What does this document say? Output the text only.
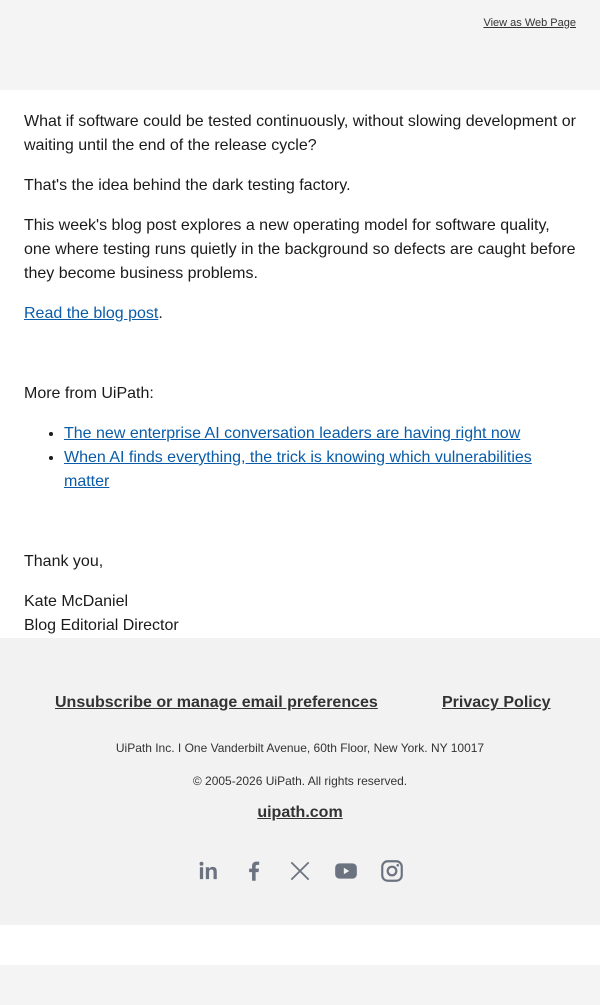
View as Web Page

What if software could be tested continuously, without slowing development or waiting until the end of the release cycle?

That's the idea behind the dark testing factory.

This week's blog post explores a new operating model for software quality, one where testing runs quietly in the background so defects are caught before they become business problems.

Read the blog post.

More from UiPath:

• The new enterprise AI conversation leaders are having right now
• When AI finds everything, the trick is knowing which vulnerabilities matter

Thank you,

Kate McDaniel

Blog Editorial Director

Unsubscribe or manage email preferences	Privacy Policy
UiPath Inc. I One Vanderbilt Avenue, 60th Floor, New York. NY 10017
© 2005-2026 UiPath. All rights reserved.
uipath.com
